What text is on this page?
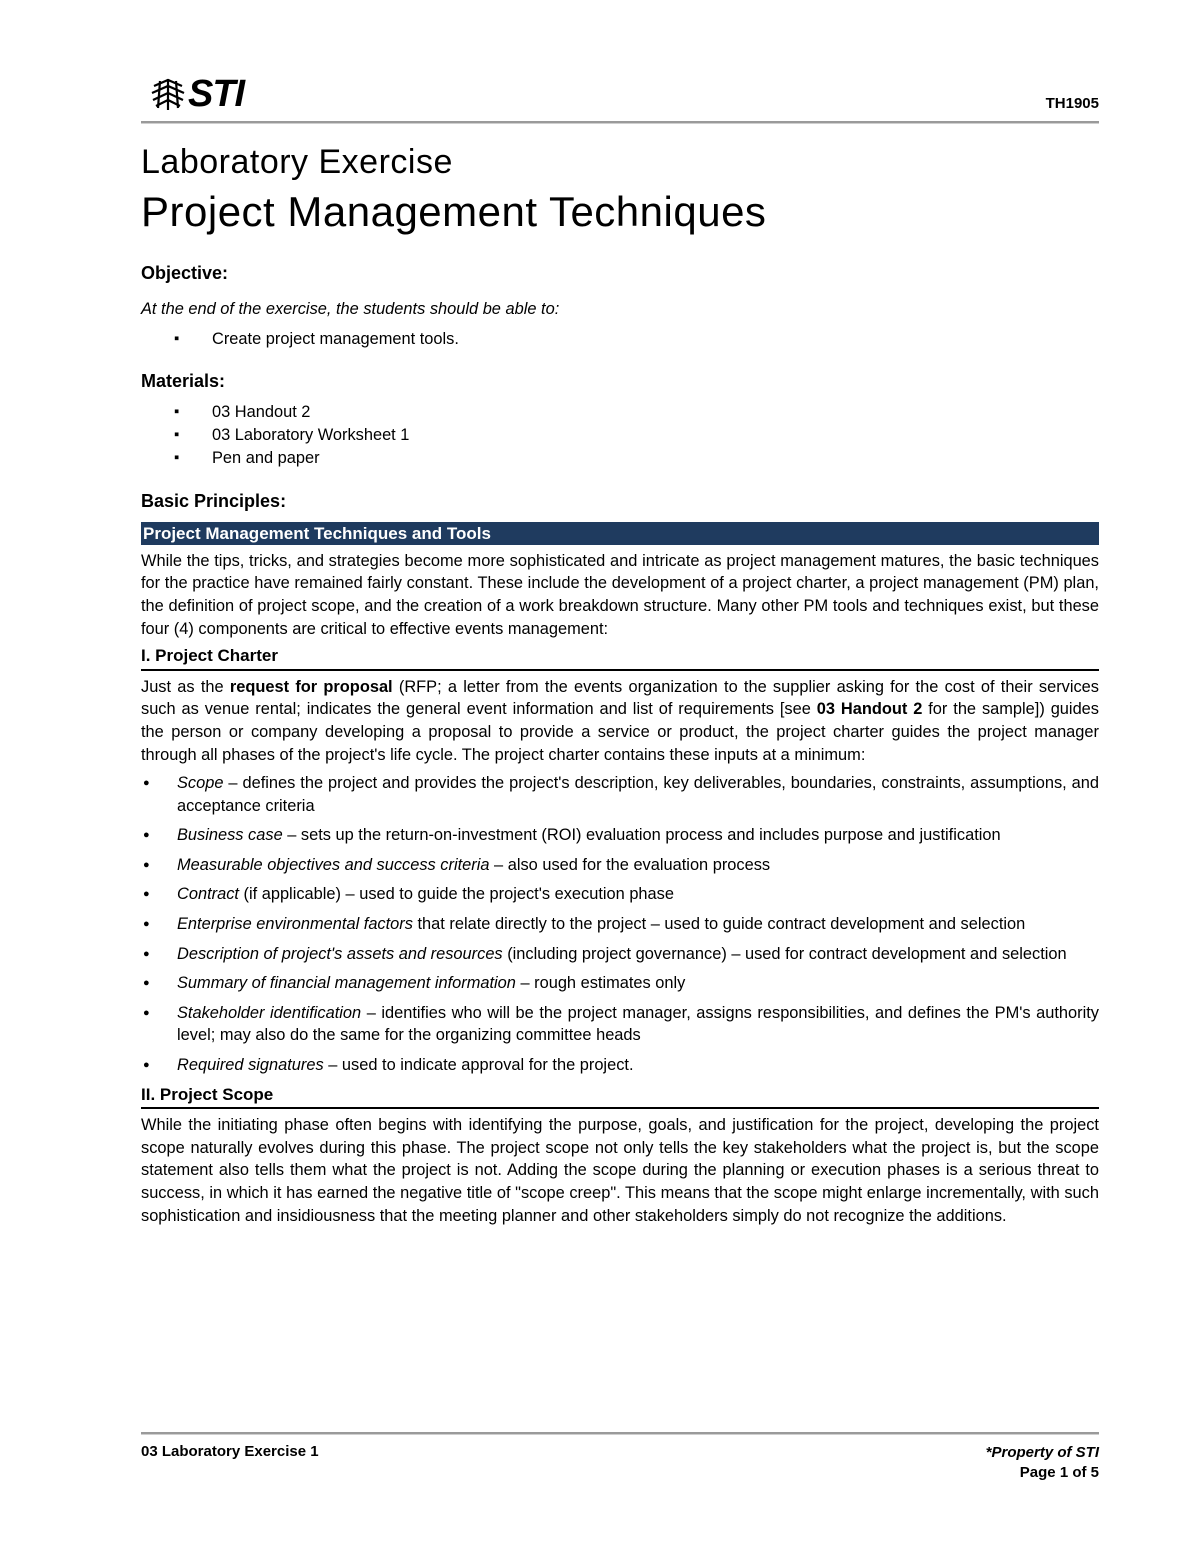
STI	TH1905
Laboratory Exercise
Project Management Techniques
Objective:
At the end of the exercise, the students should be able to:
▪ Create project management tools.
Materials:
▪ 03 Handout 2
▪ 03 Laboratory Worksheet 1
▪ Pen and paper
Basic Principles:
Project Management Techniques and Tools

While the tips, tricks, and strategies become more sophisticated and intricate as project management matures, the basic techniques for the practice have remained fairly constant. These include the development of a project charter, a project management (PM) plan, the definition of project scope, and the creation of a work breakdown structure. Many other PM tools and techniques exist, but these four (4) components are critical to effective events management:

I. Project Charter

Just as the request for proposal (RFP; a letter from the events organization to the supplier asking for the cost of their services such as venue rental; indicates the general event information and list of requirements [see 03 Handout 2 for the sample]) guides the person or company developing a proposal to provide a service or product, the project charter guides the project manager through all phases of the project's life cycle. The project charter contains these inputs at a minimum:

● Scope – defines the project and provides the project's description, key deliverables, boundaries, constraints, assumptions, and acceptance criteria
● Business case – sets up the return-on-investment (ROI) evaluation process and includes purpose and justification
● Measurable objectives and success criteria – also used for the evaluation process
● Contract (if applicable) – used to guide the project's execution phase
● Enterprise environmental factors that relate directly to the project – used to guide contract development and selection
● Description of project's assets and resources (including project governance) – used for contract development and selection
● Summary of financial management information – rough estimates only
● Stakeholder identification – identifies who will be the project manager, assigns responsibilities, and defines the PM's authority level; may also do the same for the organizing committee heads
● Required signatures – used to indicate approval for the project.
II. Project Scope

While the initiating phase often begins with identifying the purpose, goals, and justification for the project, developing the project scope naturally evolves during this phase. The project scope not only tells the key stakeholders what the project is, but the scope statement also tells them what the project is not. Adding the scope during the planning or execution phases is a serious threat to success, in which it has earned the negative title of "scope creep". This means that the scope might enlarge incrementally, with such sophistication and insidiousness that the meeting planner and other stakeholders simply do not recognize the additions.

03 Laboratory Exercise 1	*Property of STI
Page 1 of 5
